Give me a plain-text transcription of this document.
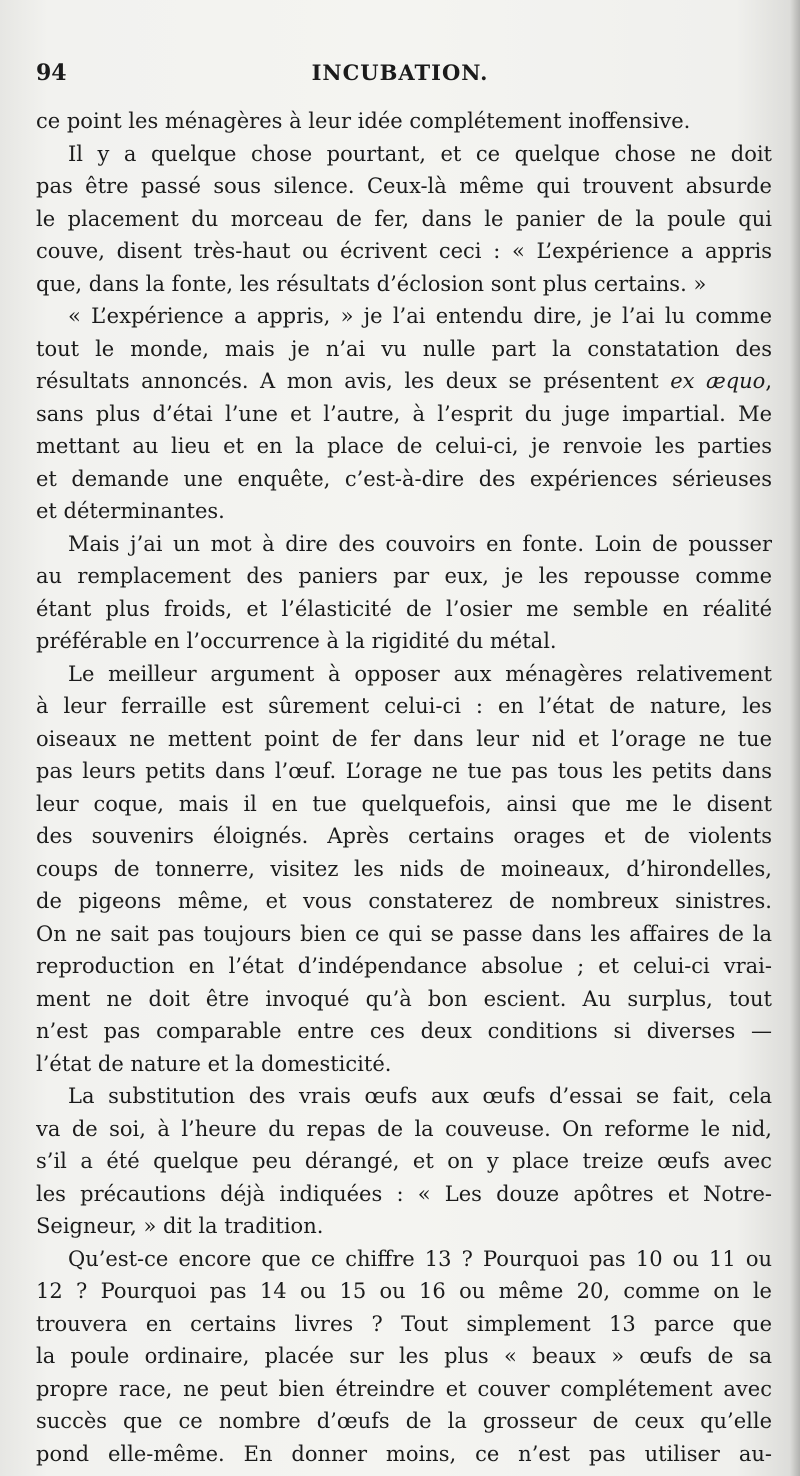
94	INCUBATION.
ce point les ménagères à leur idée complétement inoffensive.
Il y a quelque chose pourtant, et ce quelque chose ne doit
pas être passé sous silence. Ceux-là même qui trouvent absurde
le placement du morceau de fer, dans le panier de la poule qui
couve, disent très-haut ou écrivent ceci : « L’expérience a appris
que, dans la fonte, les résultats d’éclosion sont plus certains. »
« L’expérience a appris, » je l’ai entendu dire, je l’ai lu comme
tout le monde, mais je n’ai vu nulle part la constatation des
résultats annoncés. A mon avis, les deux se présentent ex æquo,
sans plus d’étai l’une et l’autre, à l’esprit du juge impartial. Me
mettant au lieu et en la place de celui-ci, je renvoie les parties
et demande une enquête, c’est-à-dire des expériences sérieuses
et déterminantes.
Mais j’ai un mot à dire des couvoirs en fonte. Loin de pousser
au remplacement des paniers par eux, je les repousse comme
étant plus froids, et l’élasticité de l’osier me semble en réalité
préférable en l’occurrence à la rigidité du métal.
Le meilleur argument à opposer aux ménagères relativement
à leur ferraille est sûrement celui-ci : en l’état de nature, les
oiseaux ne mettent point de fer dans leur nid et l’orage ne tue
pas leurs petits dans l’œuf. L’orage ne tue pas tous les petits dans
leur coque, mais il en tue quelquefois, ainsi que me le disent
des souvenirs éloignés. Après certains orages et de violents
coups de tonnerre, visitez les nids de moineaux, d’hirondelles,
de pigeons même, et vous constaterez de nombreux sinistres.
On ne sait pas toujours bien ce qui se passe dans les affaires de la
reproduction en l’état d’indépendance absolue ; et celui-ci vrai-
ment ne doit être invoqué qu’à bon escient. Au surplus, tout
n’est pas comparable entre ces deux conditions si diverses —
l’état de nature et la domesticité.
La substitution des vrais œufs aux œufs d’essai se fait, cela
va de soi, à l’heure du repas de la couveuse. On reforme le nid,
s’il a été quelque peu dérangé, et on y place treize œufs avec
les précautions déjà indiquées : « Les douze apôtres et Notre-
Seigneur, » dit la tradition.
Qu’est-ce encore que ce chiffre 13 ? Pourquoi pas 10 ou 11 ou
12 ? Pourquoi pas 14 ou 15 ou 16 ou même 20, comme on le
trouvera en certains livres ? Tout simplement 13 parce que
la poule ordinaire, placée sur les plus « beaux » œufs de sa
propre race, ne peut bien étreindre et couver complétement avec
succès que ce nombre d’œufs de la grosseur de ceux qu’elle
pond elle-même. En donner moins, ce n’est pas utiliser au-
